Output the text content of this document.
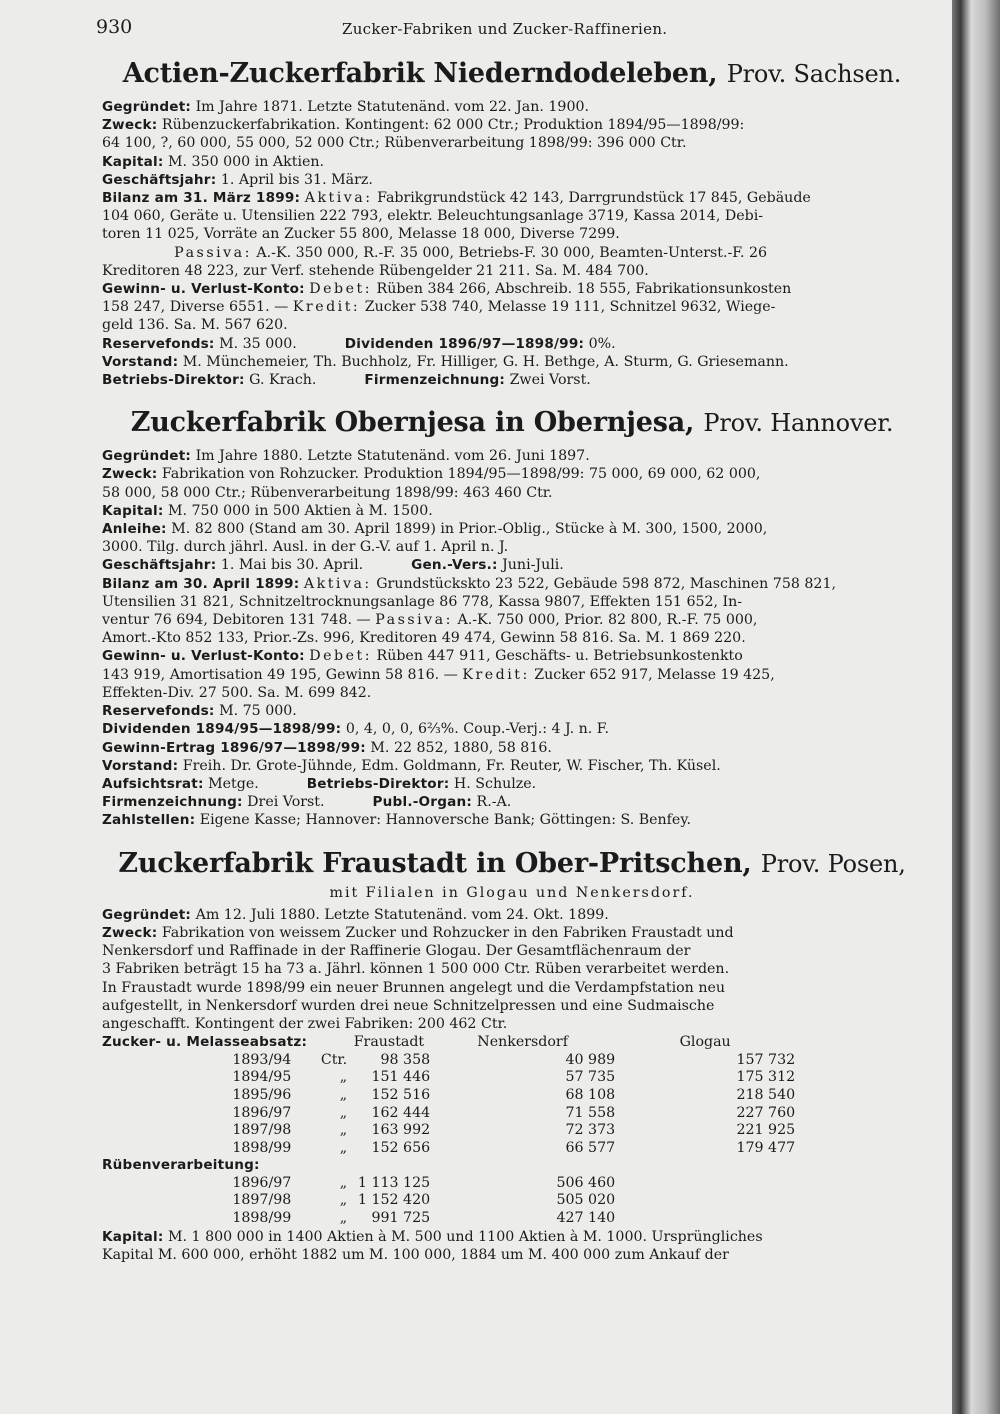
930	Zucker-Fabriken und Zucker-Raffinerien.
Actien-Zuckerfabrik Niederndodeleben, Prov. Sachsen.

Gegründet: Im Jahre 1871. Letzte Statutenänd. vom 22. Jan. 1900.

Zweck: Rübenzuckerfabrikation. Kontingent: 62 000 Ctr.; Produktion 1894/95—1898/99:

64 100, ?, 60 000, 55 000, 52 000 Ctr.; Rübenverarbeitung 1898/99: 396 000 Ctr.

Kapital: M. 350 000 in Aktien.

Geschäftsjahr: 1. April bis 31. März.

Bilanz am 31. März 1899: Aktiva: Fabrikgrundstück 42 143, Darrgrundstück 17 845, Gebäude

104 060, Geräte u. Utensilien 222 793, elektr. Beleuchtungsanlage 3719, Kassa 2014, Debi-

toren 11 025, Vorräte an Zucker 55 800, Melasse 18 000, Diverse 7299.

Passiva: A.-K. 350 000, R.-F. 35 000, Betriebs-F. 30 000, Beamten-Unterst.-F. 26

Kreditoren 48 223, zur Verf. stehende Rübengelder 21 211. Sa. M. 484 700.

Gewinn- u. Verlust-Konto: Debet: Rüben 384 266, Abschreib. 18 555, Fabrikationsunkosten

158 247, Diverse 6551. — Kredit: Zucker 538 740, Melasse 19 111, Schnitzel 9632, Wiege-

geld 136. Sa. M. 567 620.

Reservefonds: M. 35 000.	Dividenden 1896/97—1898/99: 0%.

Vorstand: M. Münchemeier, Th. Buchholz, Fr. Hilliger, G. H. Bethge, A. Sturm, G. Griesemann.

Betriebs-Direktor: G. Krach.	Firmenzeichnung: Zwei Vorst.

Zuckerfabrik Obernjesa in Obernjesa, Prov. Hannover.

Gegründet: Im Jahre 1880. Letzte Statutenänd. vom 26. Juni 1897.

Zweck: Fabrikation von Rohzucker. Produktion 1894/95—1898/99: 75 000, 69 000, 62 000,

58 000, 58 000 Ctr.; Rübenverarbeitung 1898/99: 463 460 Ctr.

Kapital: M. 750 000 in 500 Aktien à M. 1500.

Anleihe: M. 82 800 (Stand am 30. April 1899) in Prior.-Oblig., Stücke à M. 300, 1500, 2000,

3000. Tilg. durch jährl. Ausl. in der G.-V. auf 1. April n. J.

Geschäftsjahr: 1. Mai bis 30. April.	Gen.-Vers.: Juni-Juli.

Bilanz am 30. April 1899: Aktiva: Grundstückskto 23 522, Gebäude 598 872, Maschinen 758 821,

Utensilien 31 821, Schnitzeltrocknungsanlage 86 778, Kassa 9807, Effekten 151 652, In-

ventur 76 694, Debitoren 131 748. — Passiva: A.-K. 750 000, Prior. 82 800, R.-F. 75 000,

Amort.-Kto 852 133, Prior.-Zs. 996, Kreditoren 49 474, Gewinn 58 816. Sa. M. 1 869 220.

Gewinn- u. Verlust-Konto: Debet: Rüben 447 911, Geschäfts- u. Betriebsunkostenkto

143 919, Amortisation 49 195, Gewinn 58 816. — Kredit: Zucker 652 917, Melasse 19 425,

Effekten-Div. 27 500. Sa. M. 699 842.

Reservefonds: M. 75 000.

Dividenden 1894/95—1898/99: 0, 4, 0, 0, 6⅔%. Coup.-Verj.: 4 J. n. F.

Gewinn-Ertrag 1896/97—1898/99: M. 22 852, 1880, 58 816.

Vorstand: Freih. Dr. Grote-Jühnde, Edm. Goldmann, Fr. Reuter, W. Fischer, Th. Küsel.

Aufsichtsrat: Metge.	Betriebs-Direktor: H. Schulze.

Firmenzeichnung: Drei Vorst.	Publ.-Organ: R.-A.

Zahlstellen: Eigene Kasse; Hannover: Hannoversche Bank; Göttingen: S. Benfey.

Zuckerfabrik Fraustadt in Ober-Pritschen, Prov. Posen,
mit Filialen in Glogau und Nenkersdorf.

Gegründet: Am 12. Juli 1880. Letzte Statutenänd. vom 24. Okt. 1899.

Zweck: Fabrikation von weissem Zucker und Rohzucker in den Fabriken Fraustadt und

Nenkersdorf und Raffinade in der Raffinerie Glogau. Der Gesamtflächenraum der

3 Fabriken beträgt 15 ha 73 a. Jährl. können 1 500 000 Ctr. Rüben verarbeitet werden.

In Fraustadt wurde 1898/99 ein neuer Brunnen angelegt und die Verdampfstation neu

aufgestellt, in Nenkersdorf wurden drei neue Schnitzelpressen und eine Sudmaische

angeschafft. Kontingent der zwei Fabriken: 200 462 Ctr.

Zucker- u. Melasseabsatz:		Fraustadt		Nenkersdorf	Glogau
	1893/94	Ctr.	98 358	40 989	157 732
	1894/95	„	151 446	57 735	175 312
	1895/96	„	152 516	68 108	218 540
	1896/97	„	162 444	71 558	227 760
	1897/98	„	163 992	72 373	221 925
	1898/99	„	152 656	66 577	179 477
Rübenverarbeitung:					
	1896/97	„	1 113 125	506 460	
	1897/98	„	1 152 420	505 020	
	1898/99	„	991 725	427 140	

Kapital: M. 1 800 000 in 1400 Aktien à M. 500 und 1100 Aktien à M. 1000. Ursprüngliches

Kapital M. 600 000, erhöht 1882 um M. 100 000, 1884 um M. 400 000 zum Ankauf der
